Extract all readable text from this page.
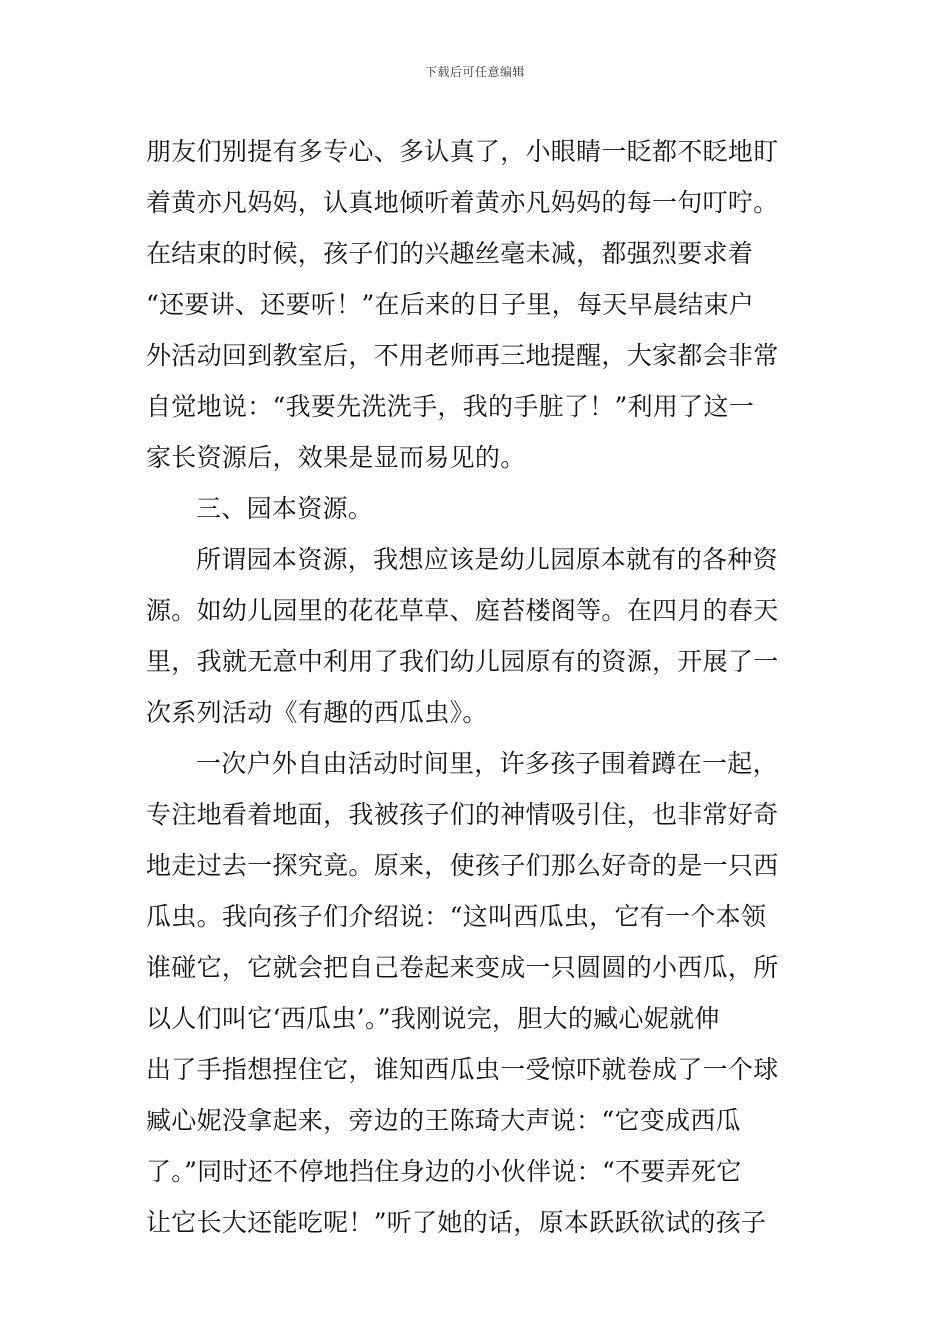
下载后可任意编辑
朋友们别提有多专心、多认真了，小眼睛一眨都不眨地盯
着黄亦凡妈妈，认真地倾听着黄亦凡妈妈的每一句叮咛。
在结束的时候，孩子们的兴趣丝毫未减，都强烈要求着
“还要讲、还要听！”在后来的日子里，每天早晨结束户
外活动回到教室后，不用老师再三地提醒，大家都会非常
自觉地说：“我要先洗洗手，我的手脏了！”利用了这一
家长资源后，效果是显而易见的。
三、园本资源。
所谓园本资源，我想应该是幼儿园原本就有的各种资
源。如幼儿园里的花花草草、庭苔楼阁等。在四月的春天
里，我就无意中利用了我们幼儿园原有的资源，开展了一
次系列活动《有趣的西瓜虫》。
一次户外自由活动时间里，许多孩子围着蹲在一起，
专注地看着地面，我被孩子们的神情吸引住，也非常好奇
地走过去一探究竟。原来，使孩子们那么好奇的是一只西
瓜虫。我向孩子们介绍说：“这叫西瓜虫，它有一个本领
谁碰它，它就会把自己卷起来变成一只圆圆的小西瓜，所
以人们叫它‘西瓜虫’。”我刚说完，胆大的臧心妮就伸
出了手指想捏住它，谁知西瓜虫一受惊吓就卷成了一个球
臧心妮没拿起来，旁边的王陈琦大声说：“它变成西瓜
了。”同时还不停地挡住身边的小伙伴说：“不要弄死它
让它长大还能吃呢！”听了她的话，原本跃跃欲试的孩子
